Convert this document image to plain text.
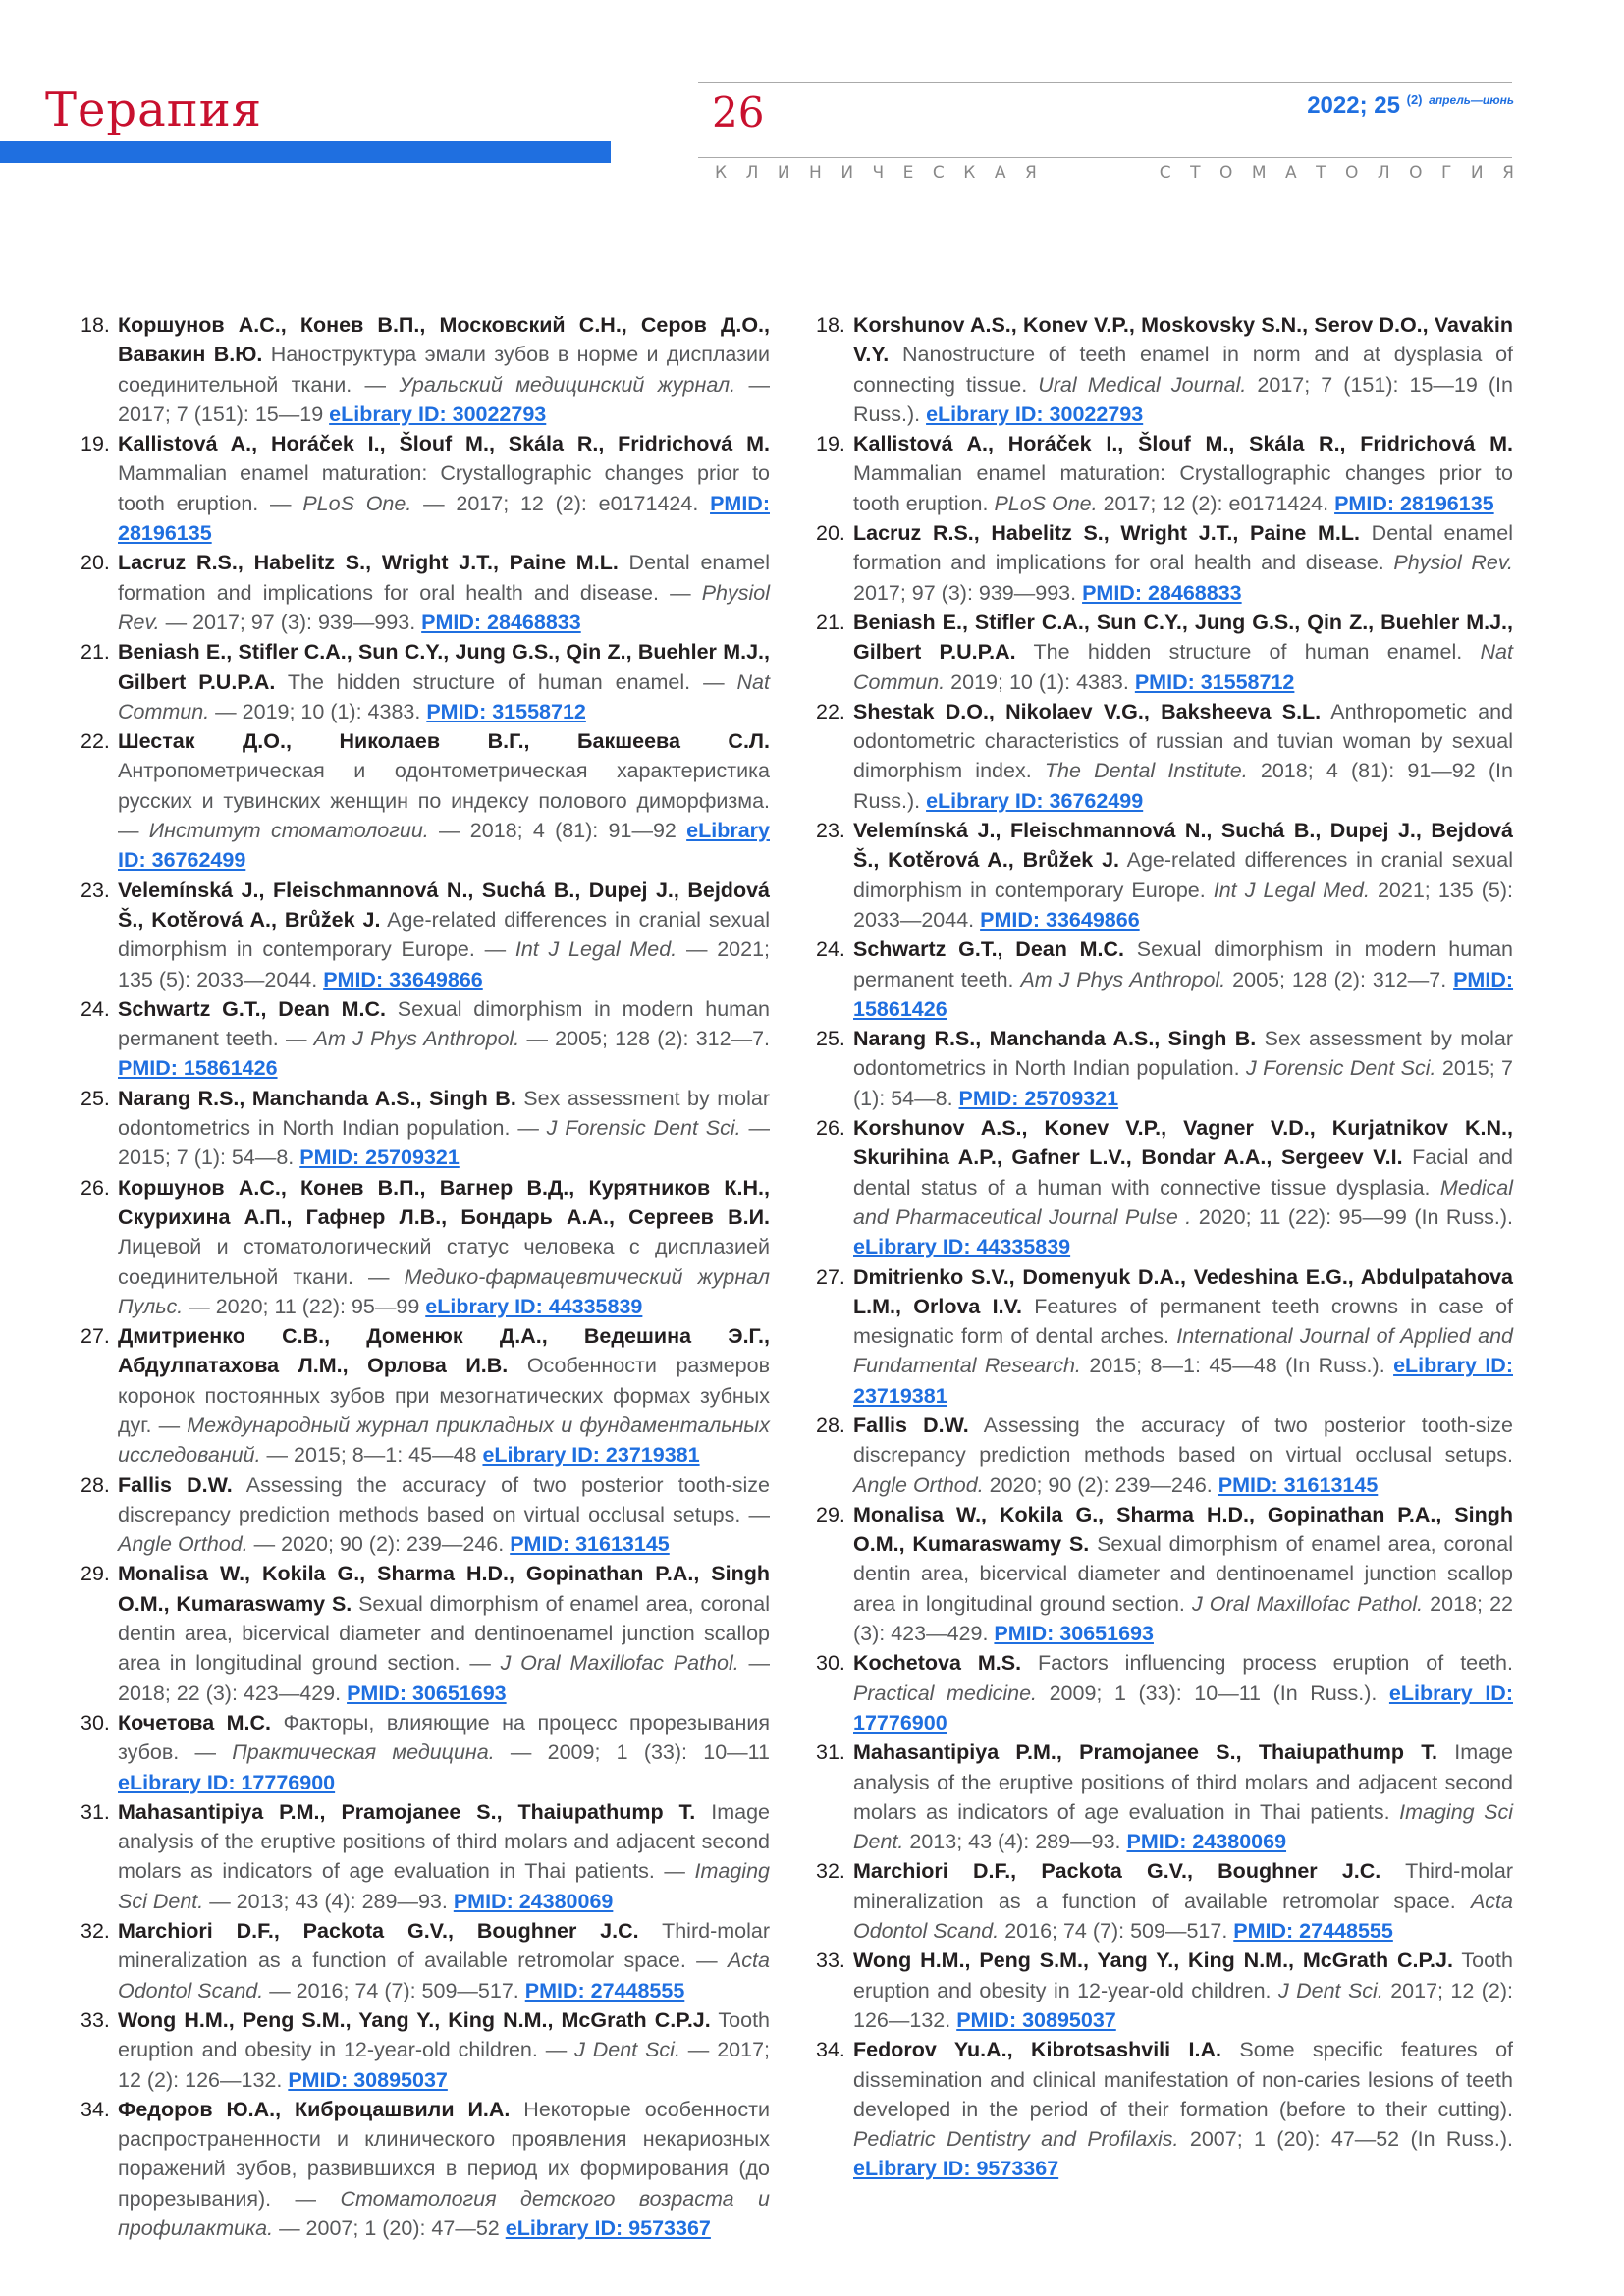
Терапия	26	2022; 25 $^{(2)}$ $^{апрель—июнь}$
К Л И Н И Ч Е С К А Я	С Т О М А Т О Л О Г И Я
18. Коршунов А.С., Конев В.П., Московский С.Н., Серов Д.О., Вавакин В.Ю. Наноструктура эмали зубов в норме и дисплазии соединительной ткани. — Уральский медицинский журнал. — 2017; 7 (151): 15—19 eLibrary ID: 30022793
19. Kallistová A., Horáček I., Šlouf M., Skála R., Fridrichová M. Mammalian enamel maturation: Crystallographic changes prior to tooth eruption. — PLoS One. — 2017; 12 (2): e0171424. PMID: 28196135
20. Lacruz R.S., Habelitz S., Wright J.T., Paine M.L. Dental enamel formation and implications for oral health and disease. — Physiol Rev. — 2017; 97 (3): 939—993. PMID: 28468833
21. Beniash E., Stifler C.A., Sun C.Y., Jung G.S., Qin Z., Buehler M.J., Gilbert P.U.P.A. The hidden structure of human enamel. — Nat Commun. — 2019; 10 (1): 4383. PMID: 31558712
22. Шестак Д.О., Николаев В.Г., Бакшеева С.Л. Антропометрическая и одонтометрическая характеристика русских и тувинских женщин по индексу полового диморфизма. — Институт стоматологии. — 2018; 4 (81): 91—92 eLibrary ID: 36762499
23. Velemínská J., Fleischmannová N., Suchá B., Dupej J., Bejdová Š., Kotěrová A., Brůžek J. Age-related differences in cranial sexual dimorphism in contemporary Europe. — Int J Legal Med. — 2021; 135 (5): 2033—2044. PMID: 33649866
24. Schwartz G.T., Dean M.C. Sexual dimorphism in modern human permanent teeth. — Am J Phys Anthropol. — 2005; 128 (2): 312—7. PMID: 15861426
25. Narang R.S., Manchanda A.S., Singh B. Sex assessment by molar odontometrics in North Indian population. — J Forensic Dent Sci. — 2015; 7 (1): 54—8. PMID: 25709321
26. Коршунов А.С., Конев В.П., Вагнер В.Д., Курятников К.Н., Скурихина А.П., Гафнер Л.В., Бондарь А.А., Сергеев В.И. Лицевой и стоматологический статус человека с дисплазией соединительной ткани. — Медико-фармацевтический журнал Пульс. — 2020; 11 (22): 95—99 eLibrary ID: 44335839
27. Дмитриенко С.В., Доменюк Д.А., Ведешина Э.Г., Абдулпатахова Л.М., Орлова И.В. Особенности размеров коронок постоянных зубов при мезогнатических формах зубных дуг. — Международный журнал прикладных и фундаментальных исследований. — 2015; 8—1: 45—48 eLibrary ID: 23719381
28. Fallis D.W. Assessing the accuracy of two posterior tooth-size discrepancy prediction methods based on virtual occlusal setups. — Angle Orthod. — 2020; 90 (2): 239—246. PMID: 31613145
29. Monalisa W., Kokila G., Sharma H.D., Gopinathan P.A., Singh O.M., Kumaraswamy S. Sexual dimorphism of enamel area, coronal dentin area, bicervical diameter and dentinoenamel junction scallop area in longitudinal ground section. — J Oral Maxillofac Pathol. — 2018; 22 (3): 423—429. PMID: 30651693
30. Кочетова М.С. Факторы, влияющие на процесс прорезывания зубов. — Практическая медицина. — 2009; 1 (33): 10—11 eLibrary ID: 17776900
31. Mahasantipiya P.M., Pramojanee S., Thaiupathump T. Image analysis of the eruptive positions of third molars and adjacent second molars as indicators of age evaluation in Thai patients. — Imaging Sci Dent. — 2013; 43 (4): 289—93. PMID: 24380069
32. Marchiori D.F., Packota G.V., Boughner J.C. Third-molar mineralization as a function of available retromolar space. — Acta Odontol Scand. — 2016; 74 (7): 509—517. PMID: 27448555
33. Wong H.M., Peng S.M., Yang Y., King N.M., McGrath C.P.J. Tooth eruption and obesity in 12-year-old children. — J Dent Sci. — 2017; 12 (2): 126—132. PMID: 30895037
34. Федоров Ю.А., Киброцашвили И.А. Некоторые особенности распространенности и клинического проявления некариозных поражений зубов, развившихся в период их формирования (до прорезывания). — Стоматология детского возраста и профилактика. — 2007; 1 (20): 47—52 eLibrary ID: 9573367
18. Korshunov A.S., Konev V.P., Moskovsky S.N., Serov D.O., Vavakin V.Y. Nanostructure of teeth enamel in norm and at dysplasia of connecting tissue. Ural Medical Journal. 2017; 7 (151): 15—19 (In Russ.). eLibrary ID: 30022793
19. Kallistová A., Horáček I., Šlouf M., Skála R., Fridrichová M. Mammalian enamel maturation: Crystallographic changes prior to tooth eruption. PLoS One. 2017; 12 (2): e0171424. PMID: 28196135
20. Lacruz R.S., Habelitz S., Wright J.T., Paine M.L. Dental enamel formation and implications for oral health and disease. Physiol Rev. 2017; 97 (3): 939—993. PMID: 28468833
21. Beniash E., Stifler C.A., Sun C.Y., Jung G.S., Qin Z., Buehler M.J., Gilbert P.U.P.A. The hidden structure of human enamel. Nat Commun. 2019; 10 (1): 4383. PMID: 31558712
22. Shestak D.O., Nikolaev V.G., Baksheeva S.L. Anthropometic and odontometric characteristics of russian and tuvian woman by sexual dimorphism index. The Dental Institute. 2018; 4 (81): 91—92 (In Russ.). eLibrary ID: 36762499
23. Velemínská J., Fleischmannová N., Suchá B., Dupej J., Bejdová Š., Kotěrová A., Brůžek J. Age-related differences in cranial sexual dimorphism in contemporary Europe. Int J Legal Med. 2021; 135 (5): 2033—2044. PMID: 33649866
24. Schwartz G.T., Dean M.C. Sexual dimorphism in modern human permanent teeth. Am J Phys Anthropol. 2005; 128 (2): 312—7. PMID: 15861426
25. Narang R.S., Manchanda A.S., Singh B. Sex assessment by molar odontometrics in North Indian population. J Forensic Dent Sci. 2015; 7 (1): 54—8. PMID: 25709321
26. Korshunov A.S., Konev V.P., Vagner V.D., Kurjatnikov K.N., Skurihina A.P., Gafner L.V., Bondar A.A., Sergeev V.I. Facial and dental status of a human with connective tissue dysplasia. Medical and Pharmaceutical Journal Pulse . 2020; 11 (22): 95—99 (In Russ.). eLibrary ID: 44335839
27. Dmitrienko S.V., Domenyuk D.A., Vedeshina E.G., Abdulpatahova L.M., Orlova I.V. Features of permanent teeth crowns in case of mesignatic form of dental arches. International Journal of Applied and Fundamental Research. 2015; 8—1: 45—48 (In Russ.). eLibrary ID: 23719381
28. Fallis D.W. Assessing the accuracy of two posterior tooth-size discrepancy prediction methods based on virtual occlusal setups. Angle Orthod. 2020; 90 (2): 239—246. PMID: 31613145
29. Monalisa W., Kokila G., Sharma H.D., Gopinathan P.A., Singh O.M., Kumaraswamy S. Sexual dimorphism of enamel area, coronal dentin area, bicervical diameter and dentinoenamel junction scallop area in longitudinal ground section. J Oral Maxillofac Pathol. 2018; 22 (3): 423—429. PMID: 30651693
30. Kochetova M.S. Factors influencing process eruption of teeth. Practical medicine. 2009; 1 (33): 10—11 (In Russ.). eLibrary ID: 17776900
31. Mahasantipiya P.M., Pramojanee S., Thaiupathump T. Image analysis of the eruptive positions of third molars and adjacent second molars as indicators of age evaluation in Thai patients. Imaging Sci Dent. 2013; 43 (4): 289—93. PMID: 24380069
32. Marchiori D.F., Packota G.V., Boughner J.C. Third-molar mineralization as a function of available retromolar space. Acta Odontol Scand. 2016; 74 (7): 509—517. PMID: 27448555
33. Wong H.M., Peng S.M., Yang Y., King N.M., McGrath C.P.J. Tooth eruption and obesity in 12-year-old children. J Dent Sci. 2017; 12 (2): 126—132. PMID: 30895037
34. Fedorov Yu.A., Kibrotsashvili I.A. Some specific features of dissemination and clinical manifestation of non-caries lesions of teeth developed in the period of their formation (before to their cutting). Pediatric Dentistry and Profilaxis. 2007; 1 (20): 47—52 (In Russ.). eLibrary ID: 9573367
